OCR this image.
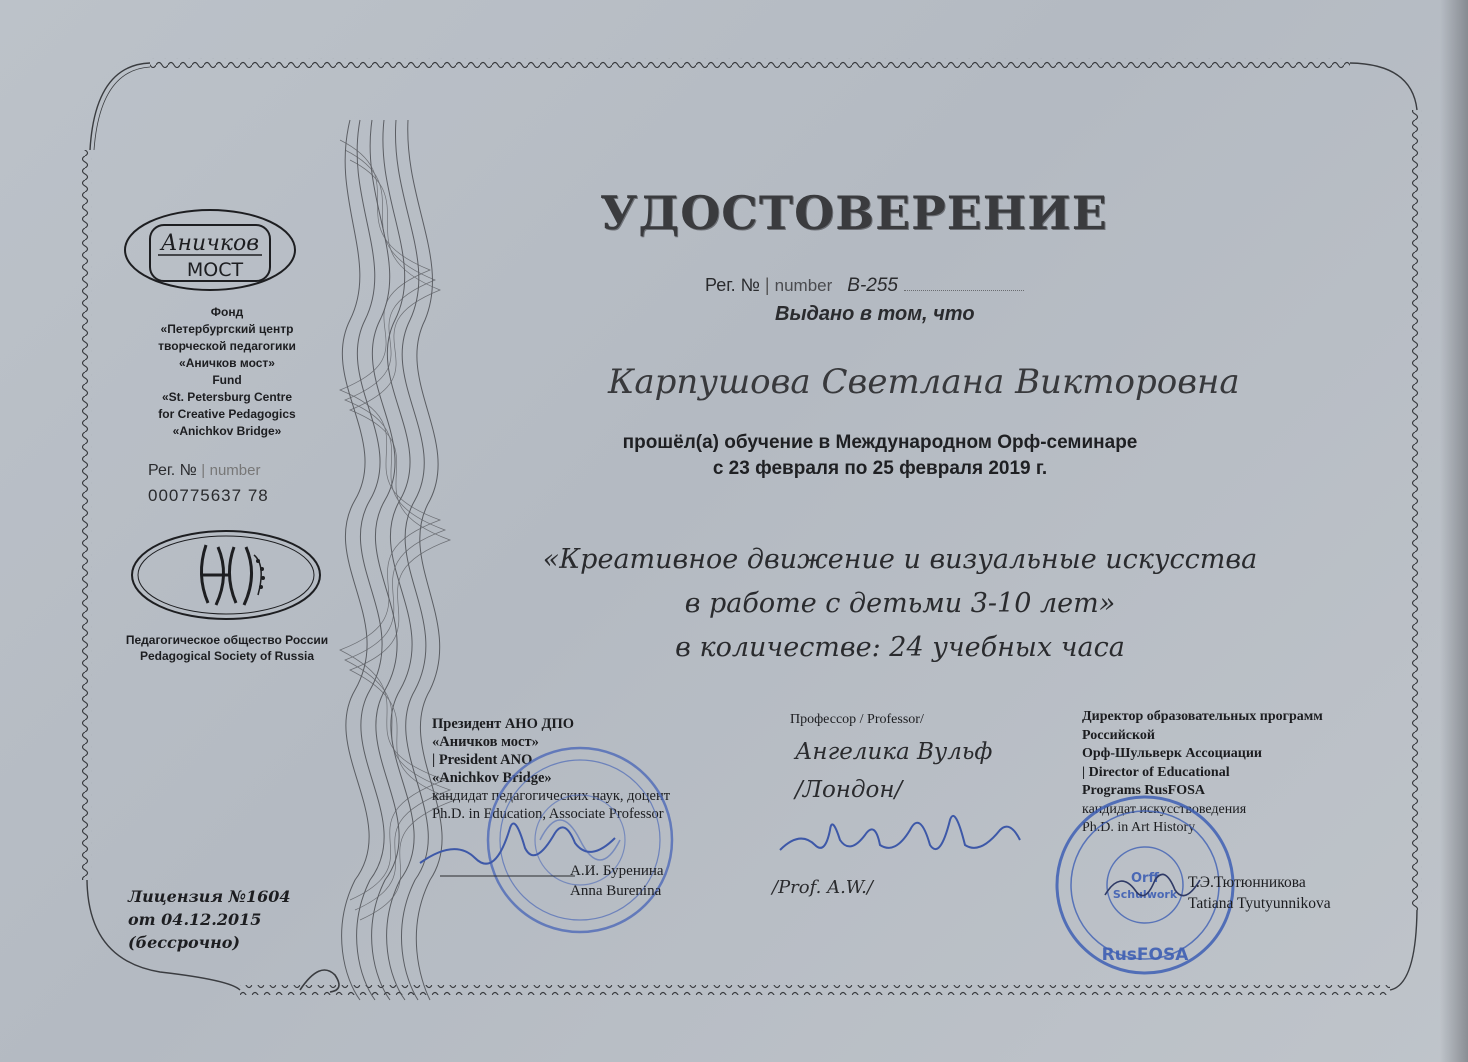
Аничков
МОСТ
Фонд
«Петербургский центр
творческой педагогики
«Аничков мост»
Fund
«St. Petersburg Centre
for Creative Pedagogics
«Anichkov Bridge»
Рег. № | number
000775637 78
Педагогическое общество России
Pedagogical Society of Russia
Лицензия №1604
от 04.12.2015
(бессрочно)
УДОСТОВЕРЕНИЕ
Рег. № | number B-255
Выдано в том, что
Карпушова Светлана Викторовна
прошёл(а) обучение в Международном Орф-семинаре
с 23 февраля по 25 февраля 2019 г.
«Креативное движение и визуальные искусства
в работе с детьми 3-10 лет»
в количестве: 24 учебных часа
Президент АНО ДПО
«Аничков мост»
| President ANO
«Anichkov Bridge»
кандидат педагогических наук, доцент
Ph.D. in Education, Associate Professor
А.И. Буренина
Anna Burenina
Профессор / Professor/
Ангелика Вульф
/Лондон/
/Prof. A.W./
Директор образовательных программ
Российской
Орф-Шульверк Ассоциации
| Director of Educational
Programs RusFOSA
кандидат искусствоведения
Ph.D. in Art History
Orff
Schulwork
RusFOSA
Т.Э.Тютюнникова
Tatiana Tyutyunnikova
